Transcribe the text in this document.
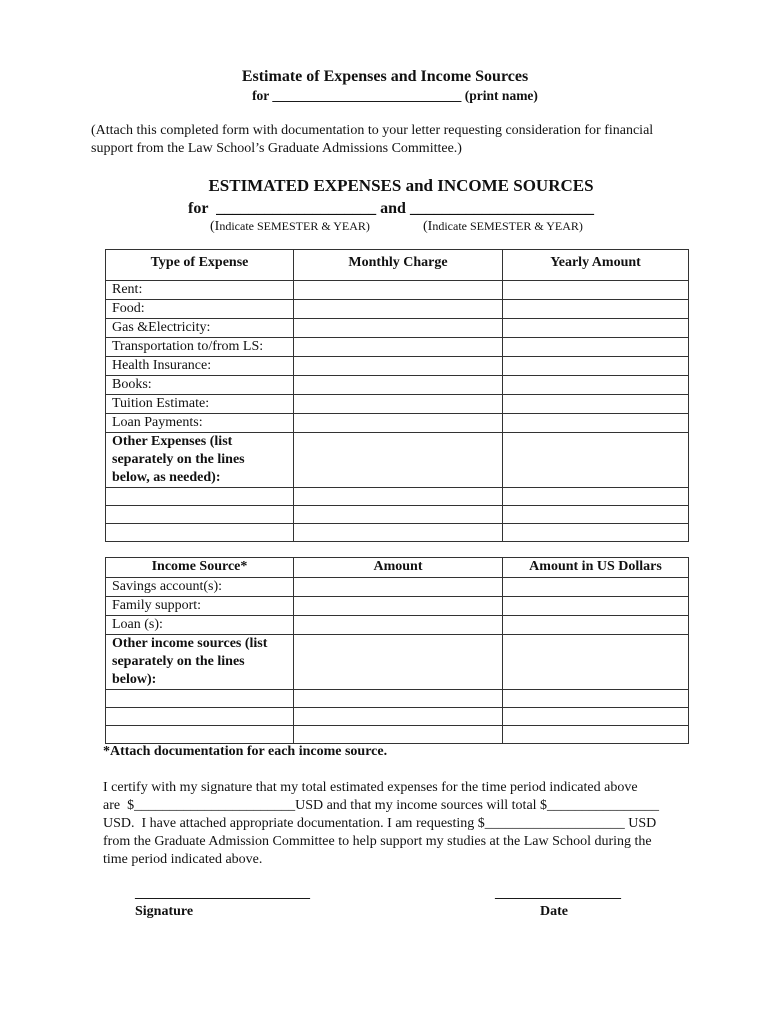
Estimate of Expenses and Income Sources
for ____________________________ (print name)
(Attach this completed form with documentation to your letter requesting consideration for financial
support from the Law School’s Graduate Admissions Committee.)
ESTIMATED EXPENSES and INCOME SOURCES
for  ____________________ and _______________________
(Indicate SEMESTER & YEAR)	(Indicate SEMESTER & YEAR)
Type of Expense	Monthly Charge	Yearly Amount
Rent:		
Food:		
Gas &Electricity:		
Transportation to/from LS:		
Health Insurance:		
Books:		
Tuition Estimate:		
Loan Payments:		

Other Expenses (list
separately on the lines
below, as needed):		

Income Source*	Amount	Amount in US Dollars
Savings account(s):		
Family support:		
Loan (s):		

Other income sources (list
separately on the lines
below):		

*Attach documentation for each income source.
I certify with my signature that my total estimated expenses for the time period indicated above
are  $_______________________USD and that my income sources will total $________________
USD.  I have attached appropriate documentation. I am requesting $____________________ USD
from the Graduate Admission Committee to help support my studies at the Law School during the
time period indicated above.
_________________________
Signature
__________________
Date
